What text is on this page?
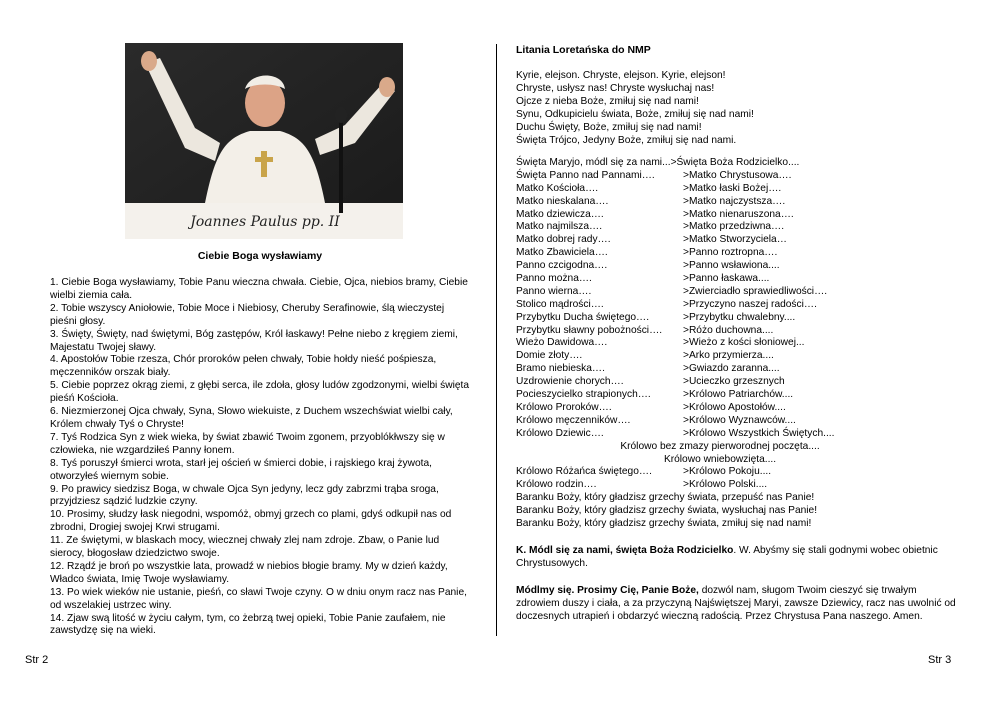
Joannes Paulus pp. II
Ciebie Boga wysławiamy

1. Ciebie Boga wysławiamy, Tobie Panu wieczna chwała. Ciebie, Ojca, niebios bramy, Ciebie wielbi ziemia cała.

2. Tobie wszyscy Aniołowie, Tobie Moce i Niebiosy, Cheruby Serafinowie, ślą wieczystej pieśni głosy.

3. Święty, Święty, nad świętymi, Bóg zastępów, Król łaskawy! Pełne niebo z kręgiem ziemi, Majestatu Twojej sławy.

4. Apostołów Tobie rzesza, Chór proroków pełen chwały, Tobie hołdy nieść pośpiesza, męczenników orszak biały.

5. Ciebie poprzez okrąg ziemi, z głębi serca, ile zdoła, głosy ludów zgodzonymi, wielbi święta pieśń Kościoła.

6. Niezmierzonej Ojca chwały, Syna, Słowo wiekuiste, z Duchem wszechświat wielbi cały, Królem chwały Tyś o Chryste!

7. Tyś Rodzica Syn z wiek wieka, by świat zbawić Twoim zgonem, przyoblókłwszy się w człowieka, nie wzgardziłeś Panny łonem.

8. Tyś poruszył śmierci wrota, starł jej oścień w śmierci dobie, i rajskiego kraj żywota, otworzyłeś wiernym sobie.

9. Po prawicy siedzisz Boga, w chwale Ojca Syn jedyny, lecz gdy zabrzmi trąba sroga, przyjdziesz sądzić ludzkie czyny.

10. Prosimy, słudzy łask niegodni, wspomóż, obmyj grzech co plami, gdyś odkupił nas od zbrodni, Drogiej swojej Krwi strugami.

11. Ze świętymi, w blaskach mocy, wiecznej chwały zlej nam zdroje. Zbaw, o Panie lud sierocy, błogosław dziedzictwo swoje.

12. Rządź je broń po wszystkie lata, prowadź w niebios błogie bramy. My w dzień każdy, Władco świata, Imię Twoje wysławiamy.

13. Po wiek wieków nie ustanie, pieśń, co sławi Twoje czyny. O w dniu onym racz nas Panie, od wszelakiej ustrzec winy.

14. Zjaw swą litość w życiu całym, tym, co żebrzą twej opieki, Tobie Panie zaufałem, nie zawstydzę się na wieki.

Litania Loretańska do NMP
Kyrie, elejson. Chryste, elejson. Kyrie, elejson!
Chryste, usłysz nas! Chryste wysłuchaj nas!
Ojcze z nieba Boże, zmiłuj się nad nami!
Synu, Odkupicielu świata, Boże, zmiłuj się nad nami!
Duchu Święty, Boże, zmiłuj się nad nami!
Święta Trójco, Jedyny Boże, zmiłuj się nad nami.
Święta Maryjo, módl się za nami...>Święta Boża Rodzicielko....
Święta Panno nad Pannami….	>Matko Chrystusowa….
Matko Kościoła….	>Matko łaski Bożej….
Matko nieskalana….	>Matko najczystsza….
Matko dziewicza….	>Matko nienaruszona….
Matko najmilsza….	>Matko przedziwna….
Matko dobrej rady….	>Matko Stworzyciela…
Matko Zbawiciela….	>Panno roztropna….
Panno czcigodna….	>Panno wsławiona....
Panno można….	>Panno łaskawa....
Panno wierna….	>Zwierciadło sprawiedliwości….
Stolico mądrości….	>Przyczyno naszej radości….
Przybytku Ducha świętego….	>Przybytku chwalebny....
Przybytku sławny pobożności….	>Różo duchowna....
Wieżo Dawidowa….	>Wieżo z kości słoniowej...
Domie złoty….	>Arko przymierza....
Bramo niebieska….	>Gwiazdo zaranna....
Uzdrowienie chorych….	>Ucieczko grzesznych
Pocieszycielko strapionych….	>Królowo Patriarchów....
Królowo Proroków….	>Królowo Apostołów....
Królowo męczenników….	>Królowo Wyznawców....
Królowo Dziewic….	>Królowo Wszystkich Świętych....
Królowo bez zmazy pierworodnej poczęta....
Królowo wniebowzięta....
Królowo Różańca świętego….	>Królowo Pokoju....
Królowo rodzin….	>Królowo Polski....
Baranku Boży, który gładzisz grzechy świata, przepuść nas Panie!
Baranku Boży, który gładzisz grzechy świata, wysłuchaj nas Panie!
Baranku Boży, który gładzisz grzechy świata, zmiłuj się nad nami!
K. Módl się za nami, święta Boża Rodzicielko. W. Abyśmy się stali godnymi wobec obietnic Chrystusowych.
Módlmy się. Prosimy Cię, Panie Boże, dozwól nam, sługom Twoim cieszyć się trwałym zdrowiem duszy i ciała, a za przyczyną Najświętszej Maryi, zawsze Dziewicy, racz nas uwolnić od doczesnych utrapień i obdarzyć wieczną radością. Przez Chrystusa Pana naszego. Amen.
Str 2	Str 3
